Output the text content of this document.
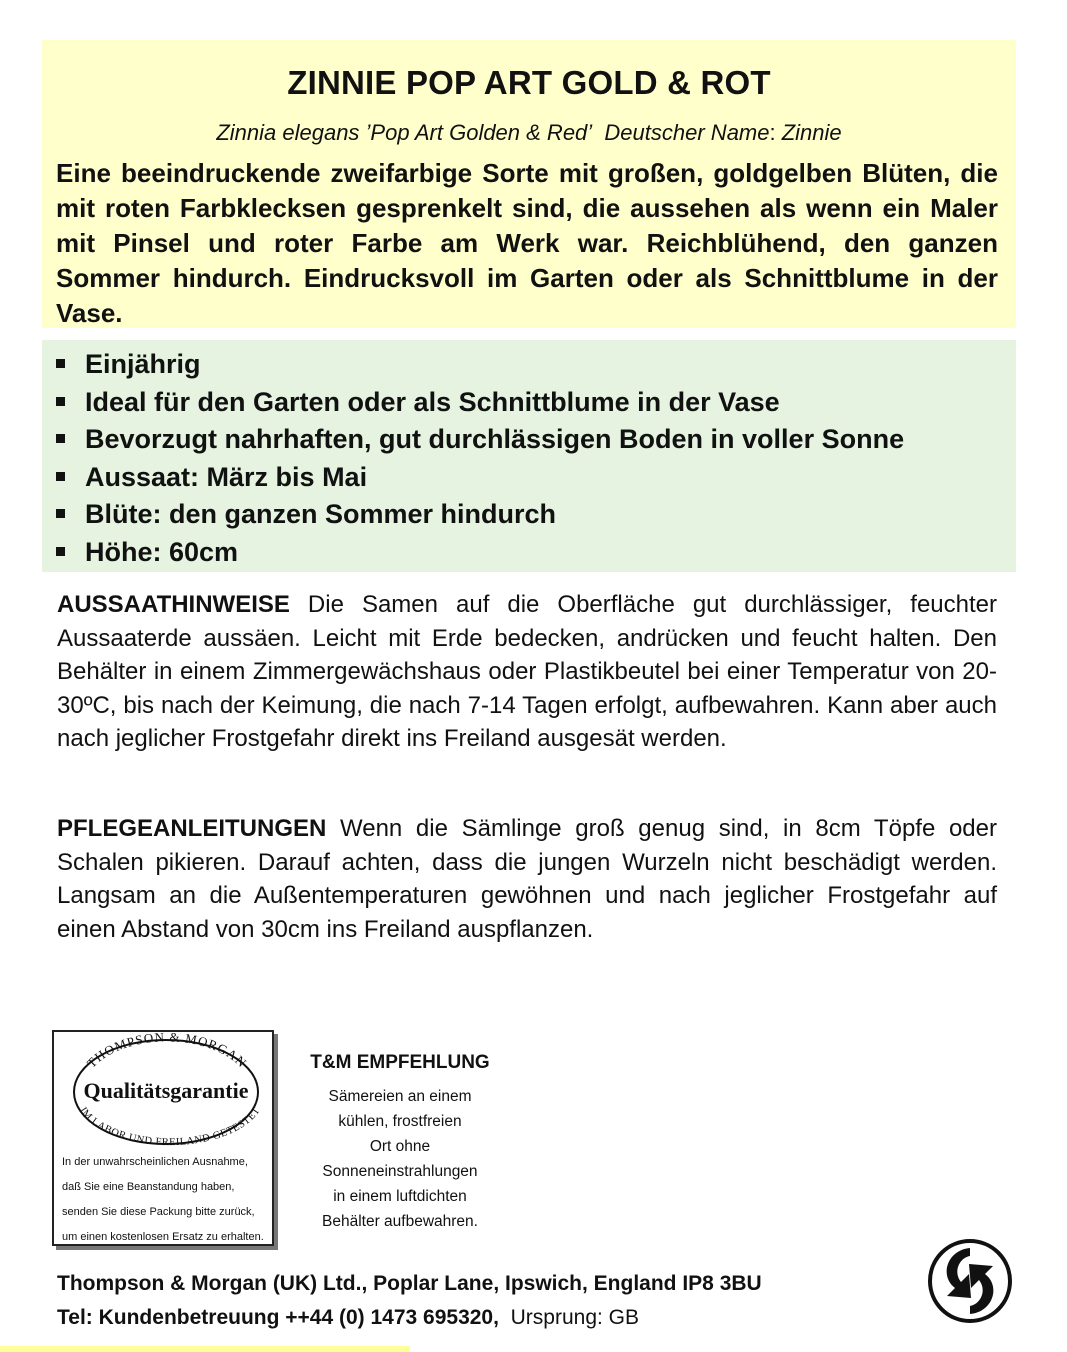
ZINNIE POP ART GOLD & ROT
Zinnia elegans ’Pop Art Golden & Red’ Deutscher Name: Zinnie
Eine beeindruckende zweifarbige Sorte mit großen, goldgelben Blüten, die mit roten Farbklecksen gesprenkelt sind, die aussehen als wenn ein Maler mit Pinsel und roter Farbe am Werk war. Reichblühend, den ganzen Sommer hindurch. Eindrucksvoll im Garten oder als Schnittblume in der Vase.
Einjährig
Ideal für den Garten oder als Schnittblume in der Vase
Bevorzugt nahrhaften, gut durchlässigen Boden in voller Sonne
Aussaat: März bis Mai
Blüte: den ganzen Sommer hindurch
Höhe: 60cm
AUSSAATHINWEISE Die Samen auf die Oberfläche gut durchlässiger, feuchter Aussaaterde aussäen. Leicht mit Erde bedecken, andrücken und feucht halten. Den Behälter in einem Zimmergewächshaus oder Plastikbeutel bei einer Temperatur von 20-30ºC, bis nach der Keimung, die nach 7-14 Tagen erfolgt, aufbewahren. Kann aber auch nach jeglicher Frostgefahr direkt ins Freiland ausgesät werden.
PFLEGEANLEITUNGEN Wenn die Sämlinge groß genug sind, in 8cm Töpfe oder Schalen pikieren. Darauf achten, dass die jungen Wurzeln nicht beschädigt werden. Langsam an die Außentemperaturen gewöhnen und nach jeglicher Frostgefahr auf einen Abstand von 30cm ins Freiland auspflanzen.
THOMPSON & MORGAN
Qualitätsgarantie
IM LABOR UND FREILAND GETESTET
In der unwahrscheinlichen Ausnahme,
daß Sie eine Beanstandung haben,
senden Sie diese Packung bitte zurück,
um einen kostenlosen Ersatz zu erhalten.
T&M EMPFEHLUNG
Sämereien an einem
kühlen, frostfreien
Ort ohne
Sonneneinstrahlungen
in einem luftdichten
Behälter aufbewahren.
Thompson & Morgan (UK) Ltd., Poplar Lane, Ipswich, England IP8 3BU
Tel: Kundenbetreuung ++44 (0) 1473 695320, Ursprung: GB
